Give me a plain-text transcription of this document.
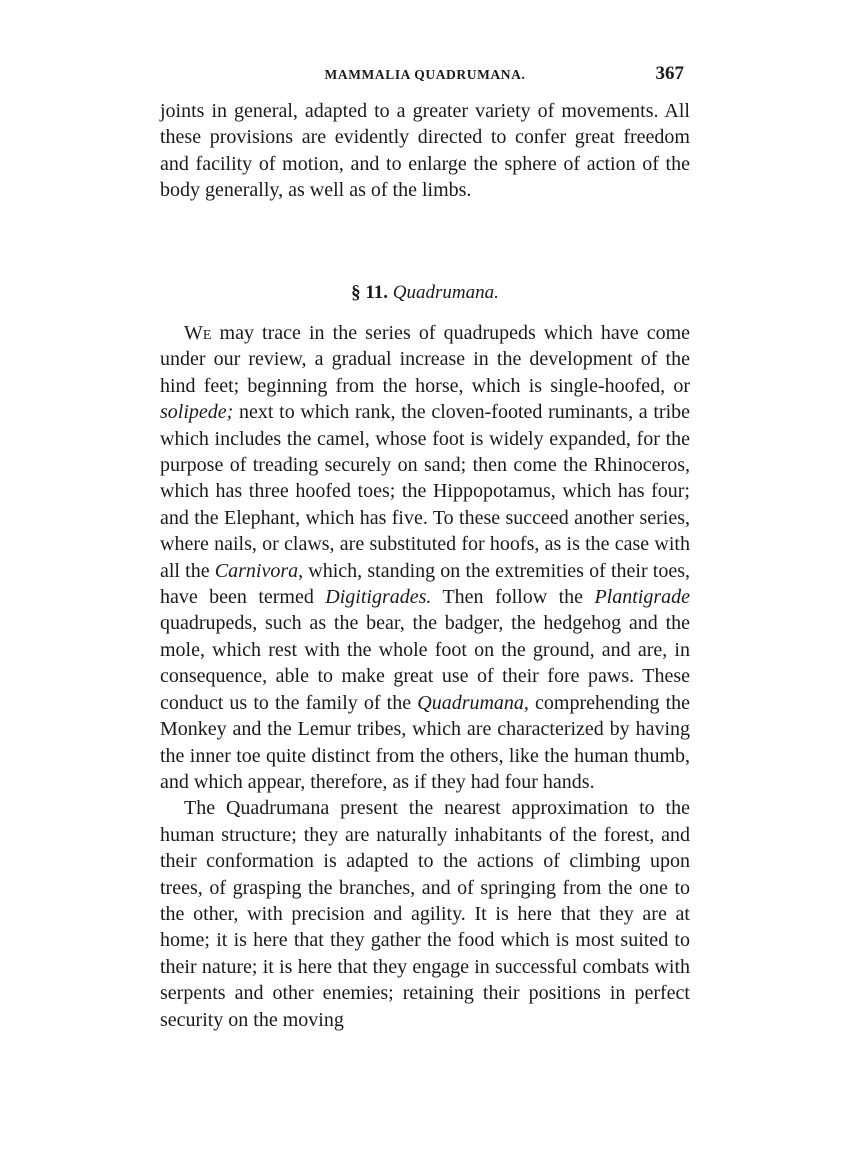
MAMMALIA QUADRUMANA.	367
joints in general, adapted to a greater variety of movements. All these provisions are evidently directed to confer great freedom and facility of motion, and to enlarge the sphere of action of the body generally, as well as of the limbs.
§ 11. Quadrumana.

We may trace in the series of quadrupeds which have come under our review, a gradual increase in the development of the hind feet; beginning from the horse, which is single-hoofed, or solipede; next to which rank, the cloven-footed ruminants, a tribe which includes the camel, whose foot is widely expanded, for the purpose of treading securely on sand; then come the Rhinoceros, which has three hoofed toes; the Hippopotamus, which has four; and the Elephant, which has five. To these succeed another series, where nails, or claws, are substituted for hoofs, as is the case with all the Carnivora, which, standing on the extremities of their toes, have been termed Digitigrades. Then follow the Plantigrade quadrupeds, such as the bear, the badger, the hedgehog and the mole, which rest with the whole foot on the ground, and are, in consequence, able to make great use of their fore paws. These conduct us to the family of the Quadrumana, comprehending the Monkey and the Lemur tribes, which are characterized by having the inner toe quite distinct from the others, like the human thumb, and which appear, therefore, as if they had four hands.

The Quadrumana present the nearest approximation to the human structure; they are naturally inhabitants of the forest, and their conformation is adapted to the actions of climbing upon trees, of grasping the branches, and of springing from the one to the other, with precision and agility. It is here that they are at home; it is here that they gather the food which is most suited to their nature; it is here that they engage in successful combats with serpents and other enemies; retaining their positions in perfect security on the moving
